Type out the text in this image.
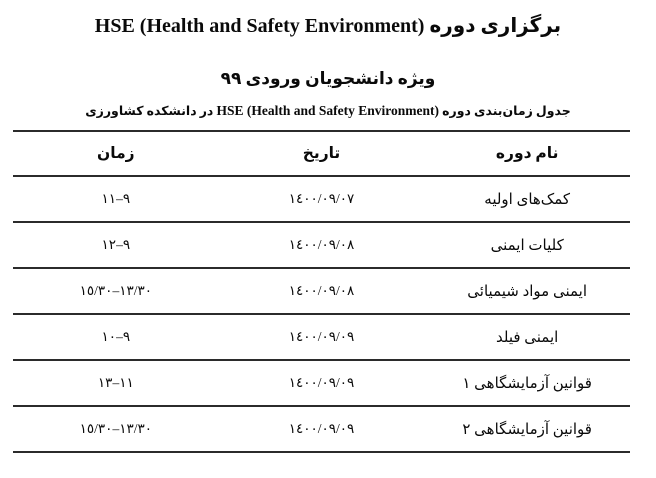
برگزاری دوره HSE (Health and Safety Environment)
ویژه دانشجویان ورودی ۹۹
جدول زمان‌بندی دوره HSE (Health and Safety Environment) در دانشکده کشاورزی
نام دوره
تاریخ
زمان
کمک‌های اولیه
١٤٠٠/٠٩/٠٧
٩–١١
کلیات ایمنی
١٤٠٠/٠٩/٠٨
٩–١٢
ایمنی مواد شیمیائی
١٤٠٠/٠٩/٠٨
١٣/٣٠–١٥/٣٠
ایمنی فیلد
١٤٠٠/٠٩/٠٩
٩–١٠
قوانین آزمایشگاهی ١
١٤٠٠/٠٩/٠٩
١١–١٣
قوانین آزمایشگاهی ٢
١٤٠٠/٠٩/٠٩
١٣/٣٠–١٥/٣٠
